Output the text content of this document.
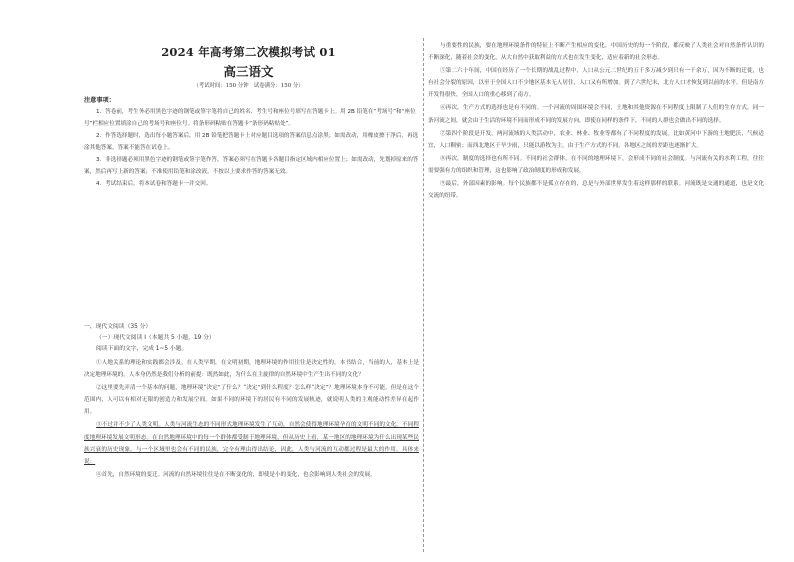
2024 年高考第二次模拟考试 01
高三语文
（考试时间：150 分钟　试卷满分：150 分）
注意事项：

1．答卷前，考生务必用黑色字迹的钢笔或签字笔将自己的姓名、考生号和座位号填写在答题卡上。用 2B 铅笔在“考场号”和“座位号”栏相应位置填涂自己的考场号和座位号。将条形码粘贴在答题卡“条形码粘贴处”。

2．作答选择题时，选出每小题答案后，用 2B 铅笔把答题卡上对应题目选项的答案信息点涂黑；如需改动，用橡皮擦干净后，再选涂其他答案。答案不能答在试卷上。

3．非选择题必须用黑色字迹的钢笔或签字笔作答，答案必须写在答题卡各题目指定区域内相应位置上；如需改动，先划掉原来的答案，然后再写上新的答案；不准使用铅笔和涂改液。不按以上要求作答的答案无效。

4．考试结束后，将本试卷和答题卡一并交回。

一、现代文阅读（35 分）
（一）现代文阅读 I（本题共 5 小题，19 分）
阅读下面的文字，完成 1~5 小题。

①人地关系的理论和实践都会涉及。在人类早期，在文明初期，地理环境的作用往往是决定性的。本书结合，当前的人，基本上是决定地理环境的。人本身仍然是我们分析的前提：既然如此，为什么在主旋律的自然环境中生产生出不同的文化？

②这里要先弄清一个基本的问题，地理环境“决定”了什么？“决定”到什么程度？怎么样“决定”？地理环境本身不可能，但是在这个范围内，人可以有相对无限的创造力和发展空间。如果不同的环境下的居民有不同的发展轨迹，就说明人类的主观能动性差异在起作用。

③不过并不少了人类文明。人类与河流生态的不同形式地理环境发生了互动，自然会使得地理环境孕育的文明不同的文化。不同程度地理环境发展文明形态。在自然地理环境中的每一个群体都受制于地理环境，但从历史上看，某一地区的地理环境为什么出现某些民族兴衰的历史现象。与一个区域里也会有不同的民族，完全有理由得出结论，因此，人类与河流的互动都过程是最大的作用。具体来说：

④首先，自然环境的变迁。河流的自然环境往往是在不断变化的，即使是小的变化，也会影响到人类社会的发展。

与重要性的民族，要在地理环境条件的特征上不断产生相应的变化。中国历史的每一个阶段，都反映了人类社会对自然条件认识的不断深化，随着社会的变化，从大自然中获取利益的方式也在发生变化，适应着新的社会形态。

⑤第二六十年间，中国在经历了一个长期的战乱过程中，人口从公元二世纪的五千多万减少到只有一千余万，因为不断的迁徙，也有社会分裂的原因，以至于全国人口不少地区基本无人居住，人口又有所增加。到了六世纪末，北方人口才恢复到以前的水平。但是南方开发得很快，全国人口的重心移到了南方。

⑥再次，生产方式的选择也是有不同的。一个河流的周围环境会不同，土地和其他资源在不同程度上限制了人们的生存方式。同一条河流之间，就会由于生活的环境不同而形成不同的发展方向，即使在同样的条件下，不同的人群也会做出不同的选择。

⑦第四个阶段是开发。两河流域的人类活动中，农业、林业、牧业等都有了不同程度的发展。比如黄河中下游的土地肥沃，气候适宜，人口稠密；而西北地区干旱少雨，只能以游牧为主。由于生产方式的不同，各地区之间的差距也逐渐扩大。

⑧再次，制度的选择也有所不同。不同的社会群体，在不同的地理环境下，会形成不同的社会制度。与河流有关的水利工程，往往需要强有力的组织和管理，这也影响了政治制度的形成和发展。

⑨最后，外部因素的影响。每个民族都不是孤立存在的，总是与外部世界发生着这样那样的联系。河流既是交通的通道，也是文化交流的纽带。
